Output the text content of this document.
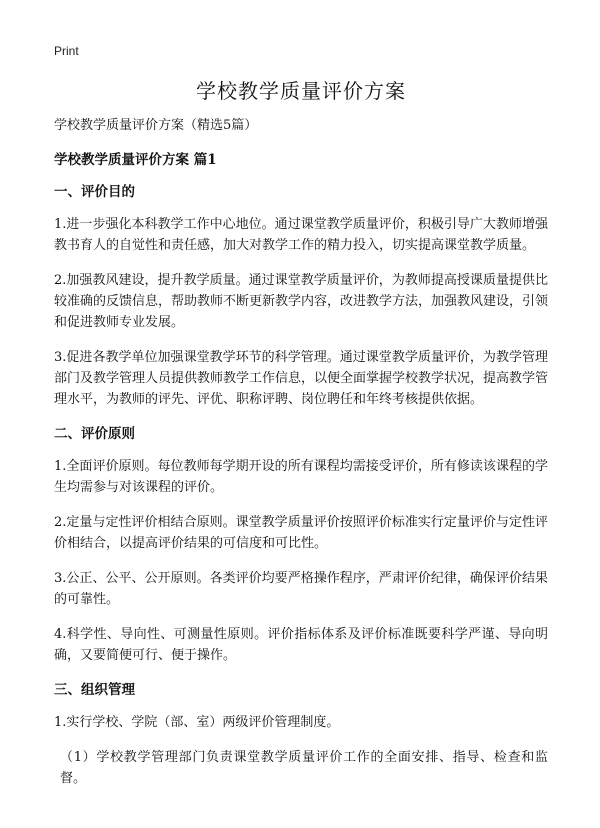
Print
学校教学质量评价方案

学校教学质量评价方案（精选5篇）

学校教学质量评价方案 篇1

一、评价目的

1.进一步强化本科教学工作中心地位。通过课堂教学质量评价，积极引导广大教师增强教书育人的自觉性和责任感，加大对教学工作的精力投入，切实提高课堂教学质量。

2.加强教风建设，提升教学质量。通过课堂教学质量评价，为教师提高授课质量提供比较准确的反馈信息，帮助教师不断更新教学内容，改进教学方法，加强教风建设，引领和促进教师专业发展。

3.促进各教学单位加强课堂教学环节的科学管理。通过课堂教学质量评价，为教学管理部门及教学管理人员提供教师教学工作信息，以便全面掌握学校教学状况，提高教学管理水平，为教师的评先、评优、职称评聘、岗位聘任和年终考核提供依据。

二、评价原则

1.全面评价原则。每位教师每学期开设的所有课程均需接受评价，所有修读该课程的学生均需参与对该课程的评价。

2.定量与定性评价相结合原则。课堂教学质量评价按照评价标准实行定量评价与定性评价相结合，以提高评价结果的可信度和可比性。

3.公正、公平、公开原则。各类评价均要严格操作程序，严肃评价纪律，确保评价结果的可靠性。

4.科学性、导向性、可测量性原则。评价指标体系及评价标准既要科学严谨、导向明确，又要简便可行、便于操作。

三、组织管理

1.实行学校、学院（部、室）两级评价管理制度。

（1）学校教学管理部门负责课堂教学质量评价工作的全面安排、指导、检查和监督。
